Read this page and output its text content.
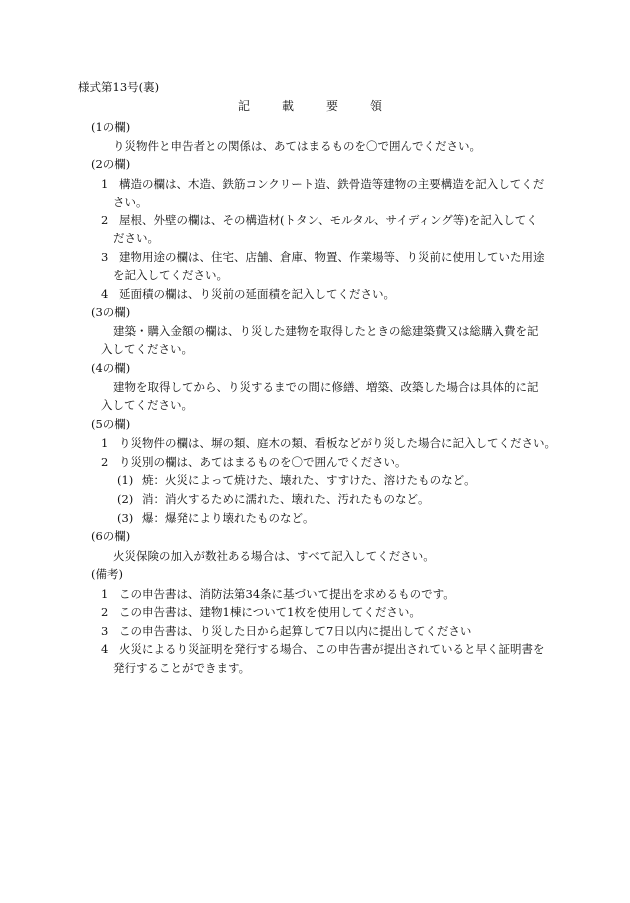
様式第13号(裏)
記　載　要　領
(1の欄)
り災物件と申告者との関係は、あてはまるものを〇で囲んでください。
(2の欄)
1 構造の欄は、木造、鉄筋コンクリート造、鉄骨造等建物の主要構造を記入してくだ
さい。
2 屋根、外壁の欄は、その構造材(トタン、モルタル、サイディング等)を記入してく
ださい。
3 建物用途の欄は、住宅、店舗、倉庫、物置、作業場等、り災前に使用していた用途
を記入してください。
4 延面積の欄は、り災前の延面積を記入してください。
(3の欄)
建築・購入金額の欄は、り災した建物を取得したときの総建築費又は総購入費を記
入してください。
(4の欄)
建物を取得してから、り災するまでの間に修繕、増築、改築した場合は具体的に記
入してください。
(5の欄)
1 り災物件の欄は、塀の類、庭木の類、看板などがり災した場合に記入してください。
2 り災別の欄は、あてはまるものを〇で囲んでください。
(1) 焼：火災によって焼けた、壊れた、すすけた、溶けたものなど。
(2) 消：消火するために濡れた、壊れた、汚れたものなど。
(3) 爆：爆発により壊れたものなど。
(6の欄)
火災保険の加入が数社ある場合は、すべて記入してください。
(備考)
1 この申告書は、消防法第34条に基づいて提出を求めるものです。
2 この申告書は、建物1棟について1枚を使用してください。
3 この申告書は、り災した日から起算して7日以内に提出してください
4 火災によるり災証明を発行する場合、この申告書が提出されていると早く証明書を
発行することができます。
